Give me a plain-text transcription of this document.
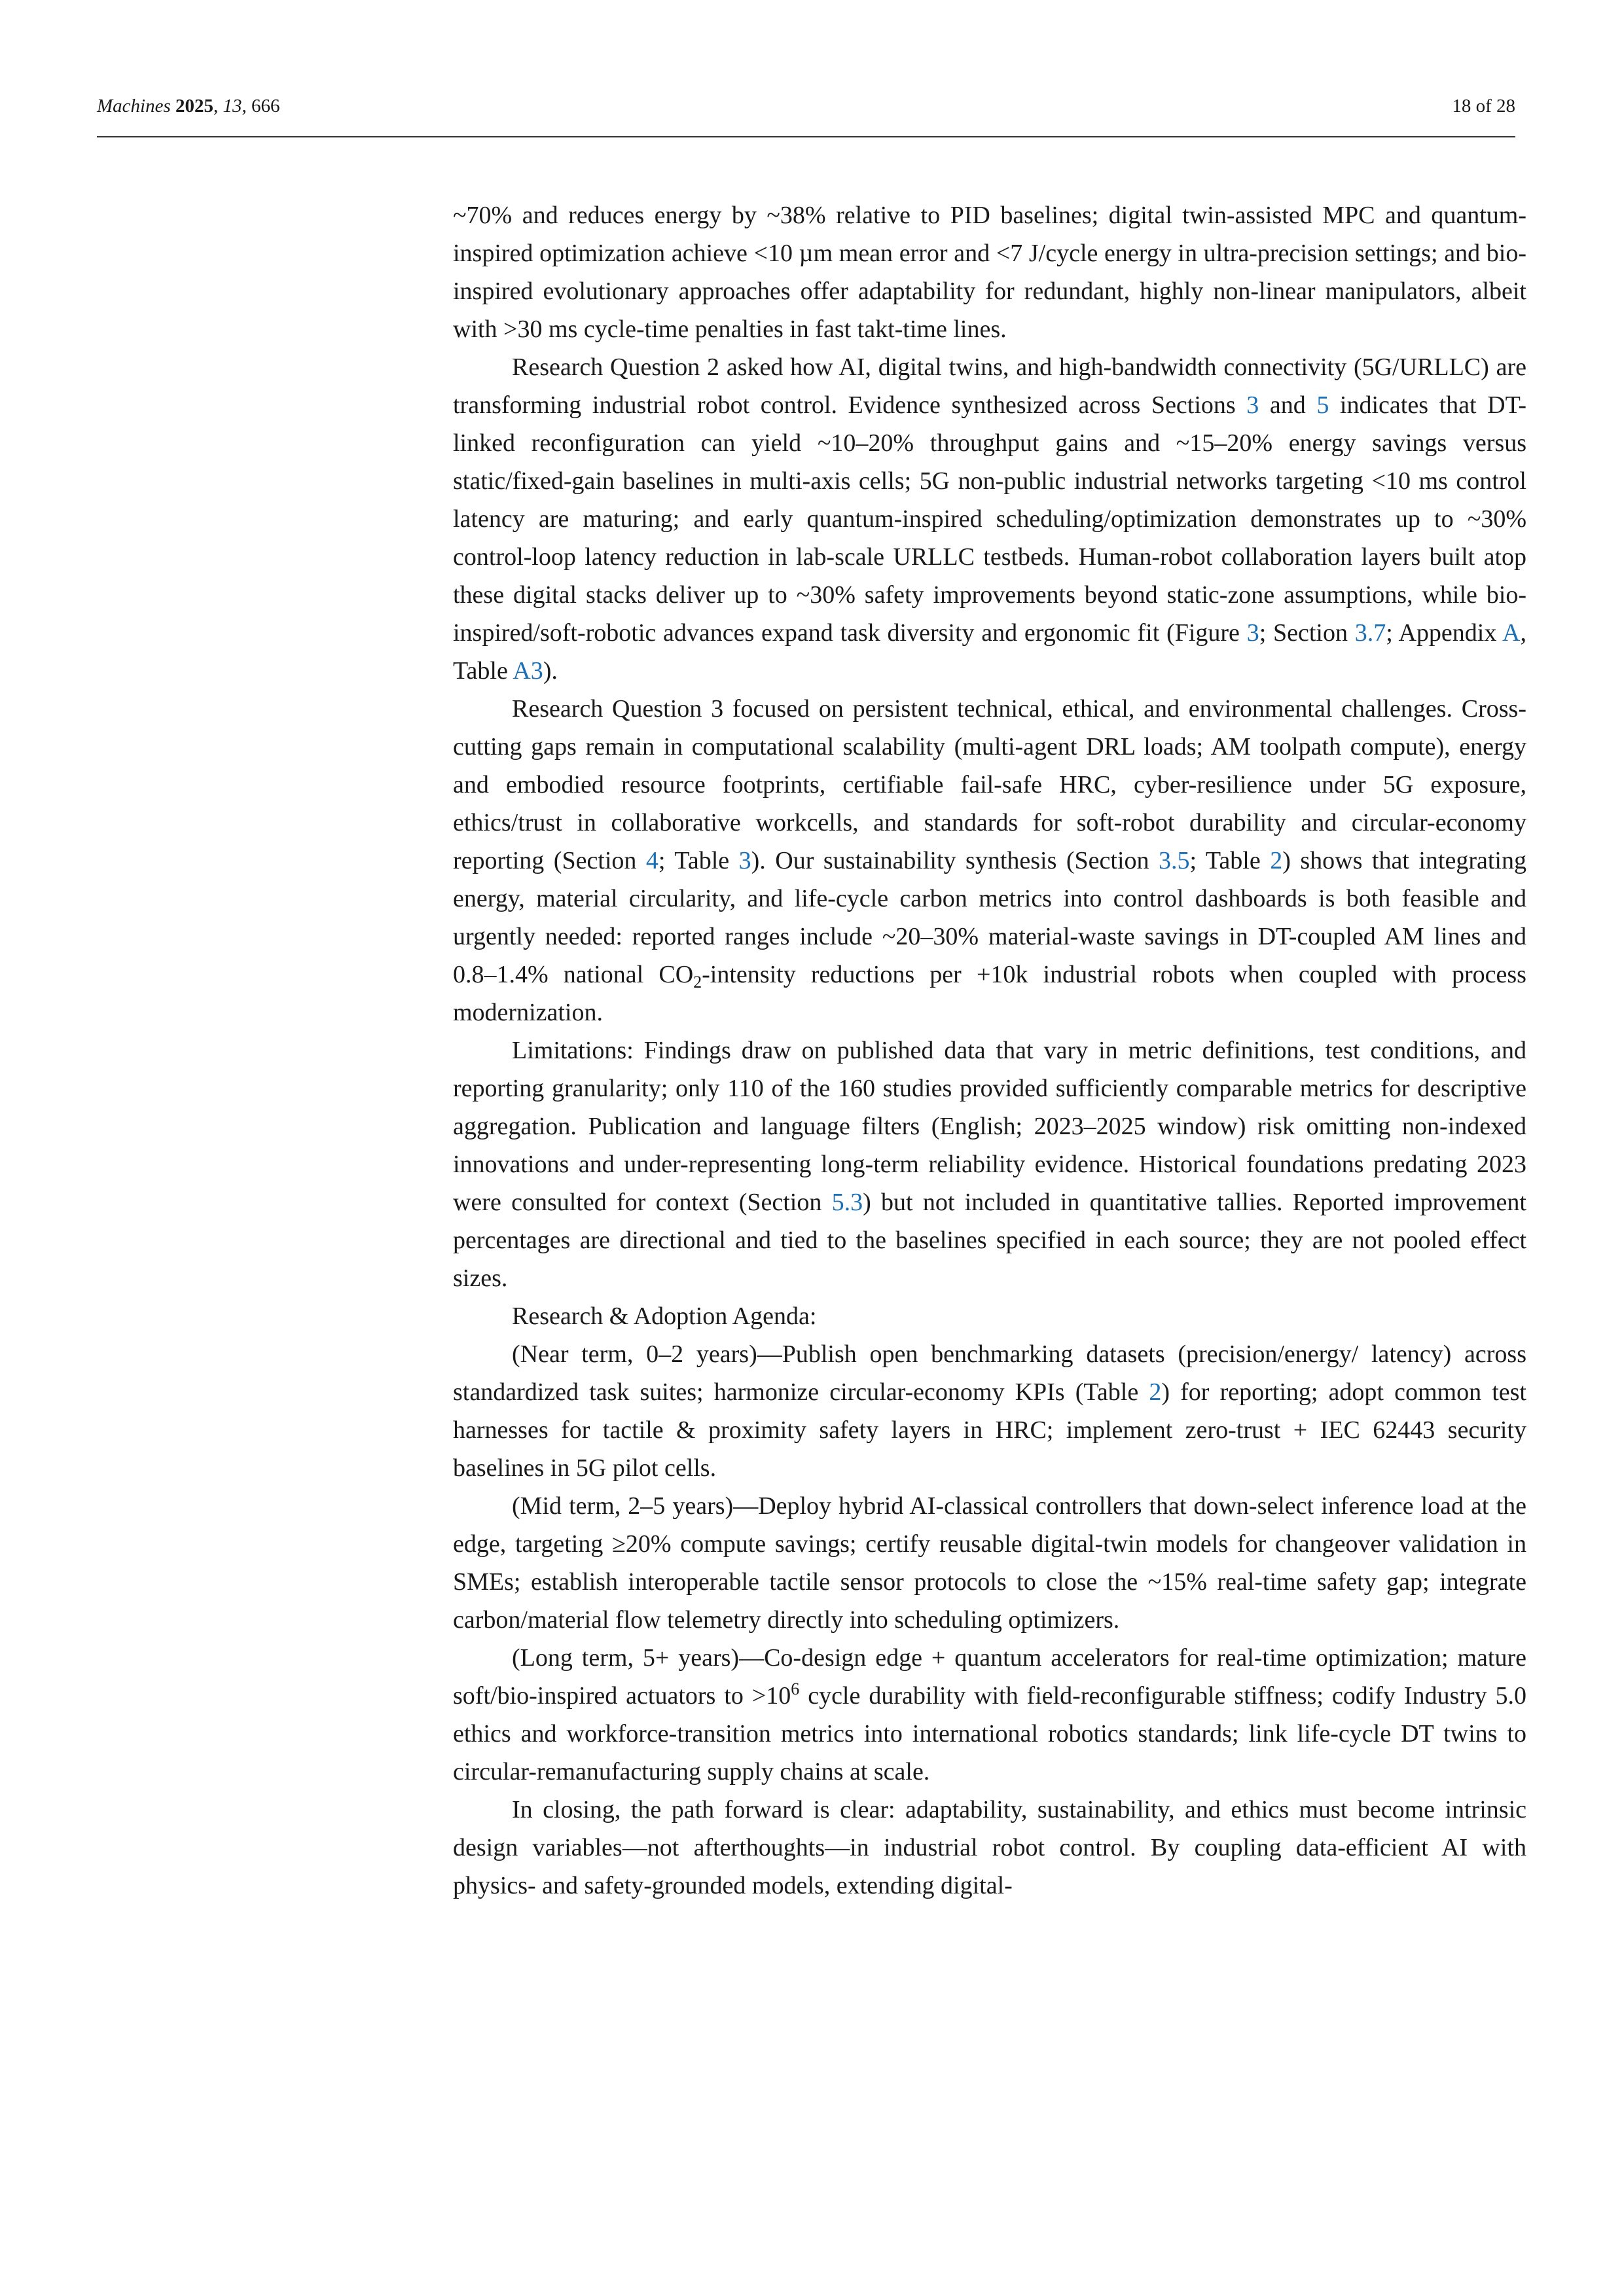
Machines 2025, 13, 666	18 of 28

~70% and reduces energy by ~38% relative to PID baselines; digital twin-assisted MPC and quantum-inspired optimization achieve <10 µm mean error and <7 J/cycle energy in ultra-precision settings; and bio-inspired evolutionary approaches offer adaptability for redundant, highly non-linear manipulators, albeit with >30 ms cycle-time penalties in fast takt-time lines.

Research Question 2 asked how AI, digital twins, and high-bandwidth connectivity (5G/URLLC) are transforming industrial robot control. Evidence synthesized across Sections 3 and 5 indicates that DT-linked reconfiguration can yield ~10–20% throughput gains and ~15–20% energy savings versus static/fixed-gain baselines in multi-axis cells; 5G non-public industrial networks targeting <10 ms control latency are maturing; and early quantum-inspired scheduling/optimization demonstrates up to ~30% control-loop latency reduction in lab-scale URLLC testbeds. Human-robot collaboration layers built atop these digital stacks deliver up to ~30% safety improvements beyond static-zone assumptions, while bio-inspired/soft-robotic advances expand task diversity and ergonomic fit (Figure 3; Section 3.7; Appendix A, Table A3).

Research Question 3 focused on persistent technical, ethical, and environmental challenges. Cross-cutting gaps remain in computational scalability (multi-agent DRL loads; AM toolpath compute), energy and embodied resource footprints, certifiable fail-safe HRC, cyber-resilience under 5G exposure, ethics/trust in collaborative workcells, and standards for soft-robot durability and circular-economy reporting (Section 4; Table 3). Our sustainability synthesis (Section 3.5; Table 2) shows that integrating energy, material circularity, and life-cycle carbon metrics into control dashboards is both feasible and urgently needed: reported ranges include ~20–30% material-waste savings in DT-coupled AM lines and 0.8–1.4% national $CO_2$-intensity reductions per +10k industrial robots when coupled with process modernization.

Limitations: Findings draw on published data that vary in metric definitions, test conditions, and reporting granularity; only 110 of the 160 studies provided sufficiently comparable metrics for descriptive aggregation. Publication and language filters (English; 2023–2025 window) risk omitting non-indexed innovations and under-representing long-term reliability evidence. Historical foundations predating 2023 were consulted for context (Section 5.3) but not included in quantitative tallies. Reported improvement percentages are directional and tied to the baselines specified in each source; they are not pooled effect sizes.

Research & Adoption Agenda:

(Near term, 0–2 years)—Publish open benchmarking datasets (precision/energy/ latency) across standardized task suites; harmonize circular-economy KPIs (Table 2) for reporting; adopt common test harnesses for tactile & proximity safety layers in HRC; implement zero-trust + IEC 62443 security baselines in 5G pilot cells.

(Mid term, 2–5 years)—Deploy hybrid AI-classical controllers that down-select inference load at the edge, targeting ≥20% compute savings; certify reusable digital-twin models for changeover validation in SMEs; establish interoperable tactile sensor protocols to close the ~15% real-time safety gap; integrate carbon/material flow telemetry directly into scheduling optimizers.

(Long term, 5+ years)—Co-design edge + quantum accelerators for real-time optimization; mature soft/bio-inspired actuators to $>10^6$ cycle durability with field-reconfigurable stiffness; codify Industry 5.0 ethics and workforce-transition metrics into international robotics standards; link life-cycle DT twins to circular-remanufacturing supply chains at scale.

In closing, the path forward is clear: adaptability, sustainability, and ethics must become intrinsic design variables—not afterthoughts—in industrial robot control. By coupling data-efficient AI with physics- and safety-grounded models, extending digital-
